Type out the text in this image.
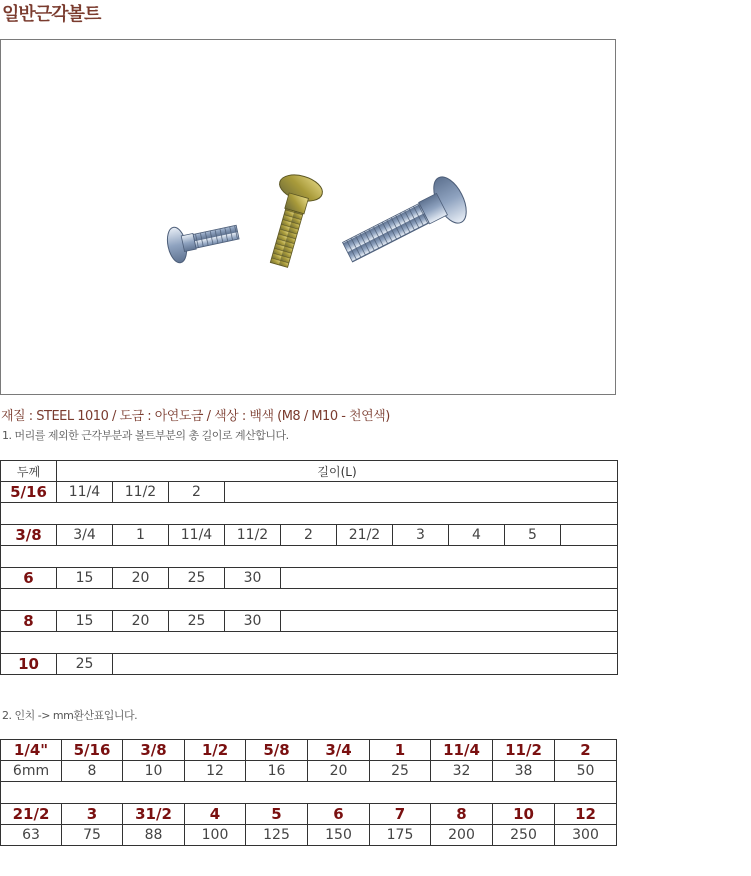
일반근각볼트
재질 : STEEL 1010 / 도금 : 아연도금 / 색상 : 백색 (M8 / M10 - 천연색)
1. 머리를 제외한 근각부분과 볼트부분의 총 길이로 계산합니다.
두께	길이(L)									
5/16	11/4	11/2	2							

3/8	3/4	1	11/4	11/2	2	21/2	3	4	5	

6	15	20	25	30						

8	15	20	25	30						

10	25									
2. 인치 -> mm환산표입니다.
1/4"	5/16	3/8	1/2	5/8	3/4	1	11/4	11/2	2
6mm	8	10	12	16	20	25	32	38	50

21/2	3	31/2	4	5	6	7	8	10	12
63	75	88	100	125	150	175	200	250	300
